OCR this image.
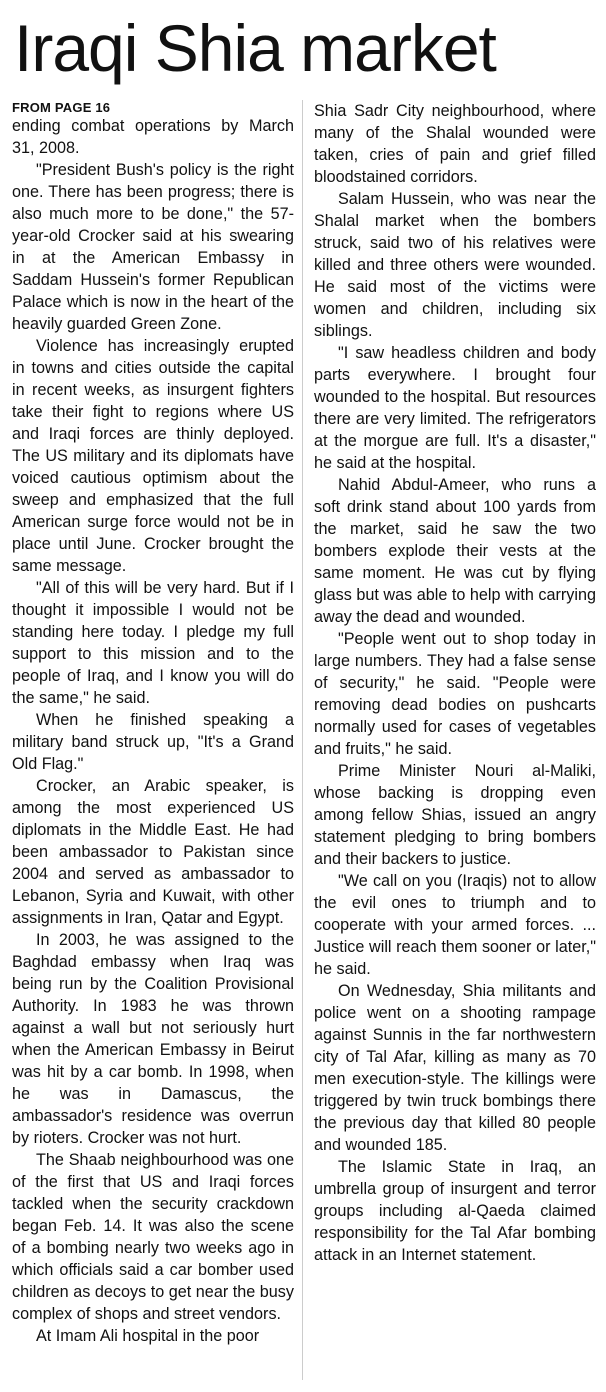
Iraqi Shia market
FROM PAGE 16

ending combat operations by March 31, 2008.

"President Bush's policy is the right one. There has been progress; there is also much more to be done," the 57-year-old Crocker said at his swearing in at the American Embassy in Saddam Hussein's former Republican Palace which is now in the heart of the heavily guarded Green Zone.

Violence has increasingly erupted in towns and cities outside the capital in recent weeks, as insurgent fighters take their fight to regions where US and Iraqi forces are thinly deployed. The US military and its diplomats have voiced cautious optimism about the sweep and emphasized that the full American surge force would not be in place until June. Crocker brought the same message.

"All of this will be very hard. But if I thought it impossible I would not be standing here today. I pledge my full support to this mission and to the people of Iraq, and I know you will do the same," he said.

When he finished speaking a military band struck up, "It's a Grand Old Flag."

Crocker, an Arabic speaker, is among the most experienced US diplomats in the Middle East. He had been ambassador to Pakistan since 2004 and served as ambassador to Lebanon, Syria and Kuwait, with other assignments in Iran, Qatar and Egypt.

In 2003, he was assigned to the Baghdad embassy when Iraq was being run by the Coalition Provisional Authority. In 1983 he was thrown against a wall but not seriously hurt when the American Embassy in Beirut was hit by a car bomb. In 1998, when he was in Damascus, the ambassador's residence was overrun by rioters. Crocker was not hurt.

The Shaab neighbourhood was one of the first that US and Iraqi forces tackled when the security crackdown began Feb. 14. It was also the scene of a bombing nearly two weeks ago in which officials said a car bomber used children as decoys to get near the busy complex of shops and street vendors.

At Imam Ali hospital in the poor

Shia Sadr City neighbourhood, where many of the Shalal wounded were taken, cries of pain and grief filled bloodstained corridors.

Salam Hussein, who was near the Shalal market when the bombers struck, said two of his relatives were killed and three others were wounded. He said most of the victims were women and children, including six siblings.

"I saw headless children and body parts everywhere. I brought four wounded to the hospital. But resources there are very limited. The refrigerators at the morgue are full. It's a disaster," he said at the hospital.

Nahid Abdul-Ameer, who runs a soft drink stand about 100 yards from the market, said he saw the two bombers explode their vests at the same moment. He was cut by flying glass but was able to help with carrying away the dead and wounded.

"People went out to shop today in large numbers. They had a false sense of security," he said. "People were removing dead bodies on pushcarts normally used for cases of vegetables and fruits," he said.

Prime Minister Nouri al-Maliki, whose backing is dropping even among fellow Shias, issued an angry statement pledging to bring bombers and their backers to justice.

"We call on you (Iraqis) not to allow the evil ones to triumph and to cooperate with your armed forces. ... Justice will reach them sooner or later," he said.

On Wednesday, Shia militants and police went on a shooting rampage against Sunnis in the far northwestern city of Tal Afar, killing as many as 70 men execution-style. The killings were triggered by twin truck bombings there the previous day that killed 80 people and wounded 185.

The Islamic State in Iraq, an umbrella group of insurgent and terror groups including al-Qaeda claimed responsibility for the Tal Afar bombing attack in an Internet statement.
